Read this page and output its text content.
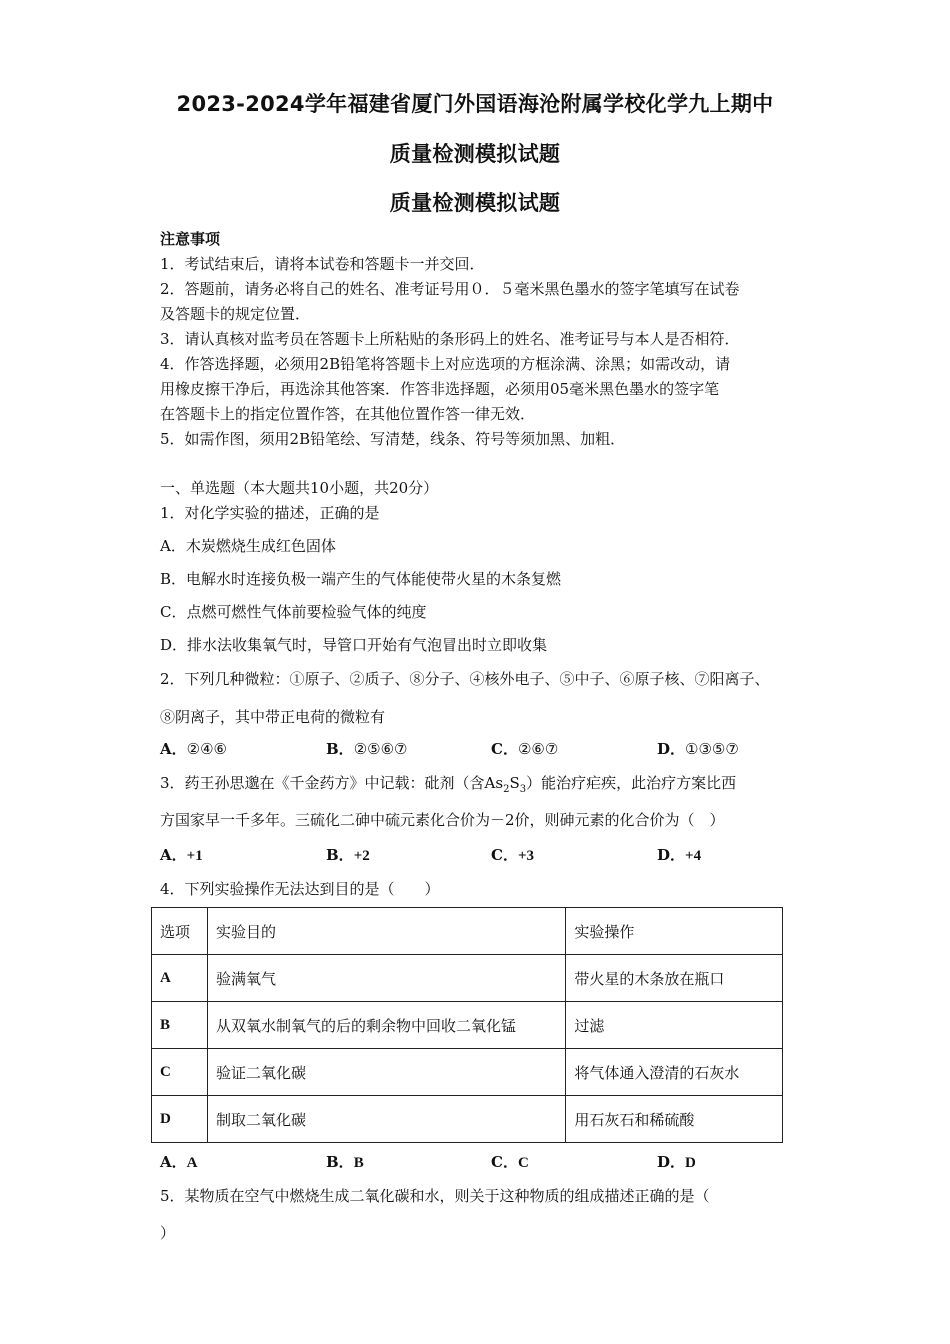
2023-2024学年福建省厦门外国语海沧附属学校化学九上期中
质量检测模拟试题
质量检测模拟试题
注意事项
1．考试结束后，请将本试卷和答题卡一并交回．
2．答题前，请务必将自己的姓名、准考证号用０．５毫米黑色墨水的签字笔填写在试卷
及答题卡的规定位置．
3．请认真核对监考员在答题卡上所粘贴的条形码上的姓名、准考证号与本人是否相符．
4．作答选择题，必须用2B铅笔将答题卡上对应选项的方框涂满、涂黑；如需改动，请
用橡皮擦干净后，再选涂其他答案．作答非选择题，必须用05毫米黑色墨水的签字笔
在答题卡上的指定位置作答，在其他位置作答一律无效．
5．如需作图，须用2B铅笔绘、写清楚，线条、符号等须加黑、加粗．
一、单选题（本大题共10小题，共20分）
1．对化学实验的描述，正确的是
A．木炭燃烧生成红色固体
B．电解水时连接负极一端产生的气体能使带火星的木条复燃
C．点燃可燃性气体前要检验气体的纯度
D．排水法收集氧气时，导管口开始有气泡冒出时立即收集
2．下列几种微粒：①原子、②质子、⑧分子、④核外电子、⑤中子、⑥原子核、⑦阳离子、
⑧阴离子，其中带正电荷的微粒有
A．②④⑥	B．②⑤⑥⑦	C．②⑥⑦	D．①③⑤⑦
3．药王孙思邈在《千金药方》中记载：砒剂（含$As_2S_3$）能治疗疟疾，此治疗方案比西
方国家早一千多年。三硫化二砷中硫元素化合价为－2价，则砷元素的化合价为（　）
A．+1	B．+2	C．+3	D．+4
4．下列实验操作无法达到目的是（　　）
选项	实验目的	实验操作
A	验满氧气	带火星的木条放在瓶口
B	从双氧水制氧气的后的剩余物中回收二氧化锰	过滤
C	验证二氧化碳	将气体通入澄清的石灰水
D	制取二氧化碳	用石灰石和稀硫酸
A．A	B．B	C．C	D．D
5．某物质在空气中燃烧生成二氧化碳和水，则关于这种物质的组成描述正确的是（
）
